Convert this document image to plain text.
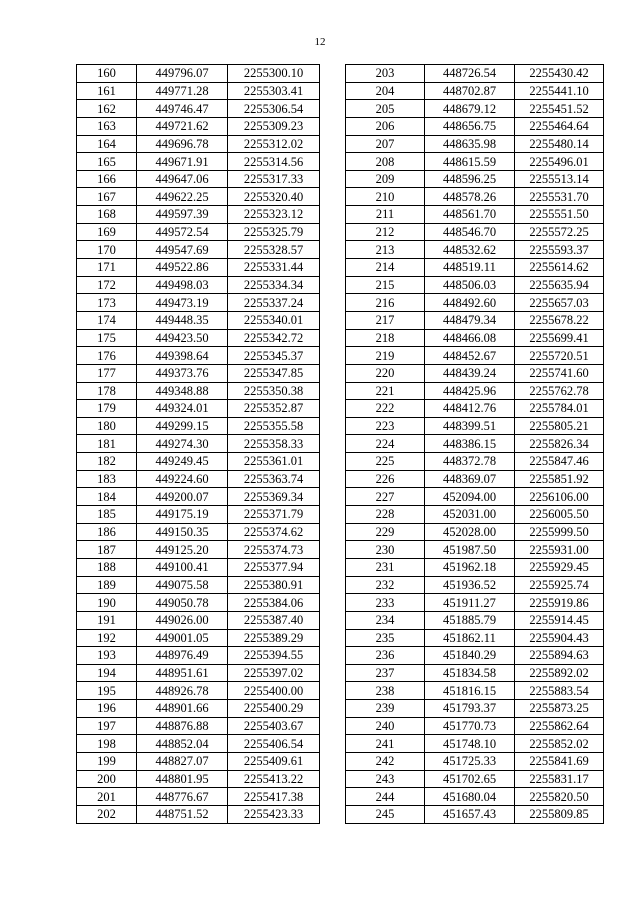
12
160	449796.07	2255300.10
161	449771.28	2255303.41
162	449746.47	2255306.54
163	449721.62	2255309.23
164	449696.78	2255312.02
165	449671.91	2255314.56
166	449647.06	2255317.33
167	449622.25	2255320.40
168	449597.39	2255323.12
169	449572.54	2255325.79
170	449547.69	2255328.57
171	449522.86	2255331.44
172	449498.03	2255334.34
173	449473.19	2255337.24
174	449448.35	2255340.01
175	449423.50	2255342.72
176	449398.64	2255345.37
177	449373.76	2255347.85
178	449348.88	2255350.38
179	449324.01	2255352.87
180	449299.15	2255355.58
181	449274.30	2255358.33
182	449249.45	2255361.01
183	449224.60	2255363.74
184	449200.07	2255369.34
185	449175.19	2255371.79
186	449150.35	2255374.62
187	449125.20	2255374.73
188	449100.41	2255377.94
189	449075.58	2255380.91
190	449050.78	2255384.06
191	449026.00	2255387.40
192	449001.05	2255389.29
193	448976.49	2255394.55
194	448951.61	2255397.02
195	448926.78	2255400.00
196	448901.66	2255400.29
197	448876.88	2255403.67
198	448852.04	2255406.54
199	448827.07	2255409.61
200	448801.95	2255413.22
201	448776.67	2255417.38
202	448751.52	2255423.33
203	448726.54	2255430.42
204	448702.87	2255441.10
205	448679.12	2255451.52
206	448656.75	2255464.64
207	448635.98	2255480.14
208	448615.59	2255496.01
209	448596.25	2255513.14
210	448578.26	2255531.70
211	448561.70	2255551.50
212	448546.70	2255572.25
213	448532.62	2255593.37
214	448519.11	2255614.62
215	448506.03	2255635.94
216	448492.60	2255657.03
217	448479.34	2255678.22
218	448466.08	2255699.41
219	448452.67	2255720.51
220	448439.24	2255741.60
221	448425.96	2255762.78
222	448412.76	2255784.01
223	448399.51	2255805.21
224	448386.15	2255826.34
225	448372.78	2255847.46
226	448369.07	2255851.92
227	452094.00	2256106.00
228	452031.00	2256005.50
229	452028.00	2255999.50
230	451987.50	2255931.00
231	451962.18	2255929.45
232	451936.52	2255925.74
233	451911.27	2255919.86
234	451885.79	2255914.45
235	451862.11	2255904.43
236	451840.29	2255894.63
237	451834.58	2255892.02
238	451816.15	2255883.54
239	451793.37	2255873.25
240	451770.73	2255862.64
241	451748.10	2255852.02
242	451725.33	2255841.69
243	451702.65	2255831.17
244	451680.04	2255820.50
245	451657.43	2255809.85
